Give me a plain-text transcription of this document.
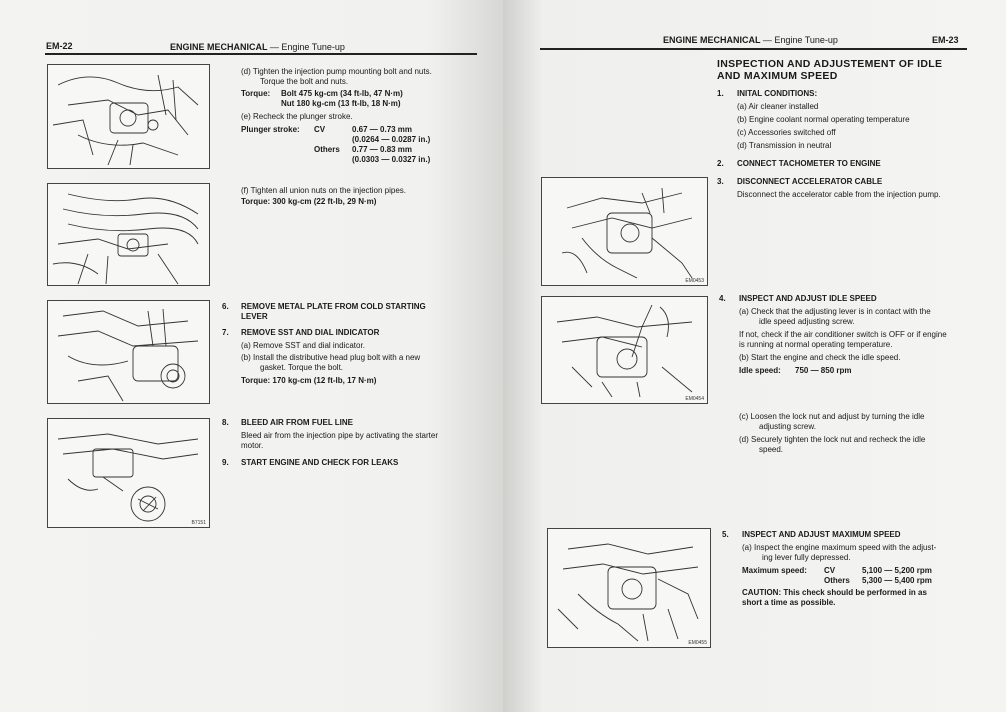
EM-22	ENGINE MECHANICAL — Engine Tune-up
B7151
(d) Tighten the injection pump mounting bolt and nuts.
Torque the bolt and nuts.
Torque: Bolt 475 kg-cm (34 ft-lb, 47 N·m)
Nut 180 kg-cm (13 ft-lb, 18 N·m)
(e) Recheck the plunger stroke.
Plunger stroke: CV	0.67 — 0.73 mm
(0.0264 — 0.0287 in.)
Others 0.77 — 0.83 mm
(0.0303 — 0.0327 in.)
(f) Tighten all union nuts on the injection pipes.
Torque: 300 kg-cm (22 ft-lb, 29 N·m)
6. REMOVE METAL PLATE FROM COLD STARTING
LEVER
7. REMOVE SST AND DIAL INDICATOR
(a) Remove SST and dial indicator.
(b) Install the distributive head plug bolt with a new
gasket. Torque the bolt.
Torque: 170 kg-cm (12 ft-lb, 17 N·m)
8. BLEED AIR FROM FUEL LINE
Bleed air from the injection pipe by activating the starter
motor.
9. START ENGINE AND CHECK FOR LEAKS
ENGINE MECHANICAL — Engine Tune-up	EM-23
INSPECTION AND ADJUSTEMENT OF IDLE
AND MAXIMUM SPEED
1. INITAL CONDITIONS:
(a) Air cleaner installed
(b) Engine coolant normal operating temperature
(c) Accessories switched off
(d) Transmission in neutral
2. CONNECT TACHOMETER TO ENGINE
3. DISCONNECT ACCELERATOR CABLE
Disconnect the accelerator cable from the injection pump.
EM0453
EM0454
EM0455
4. INSPECT AND ADJUST IDLE SPEED
(a) Check that the adjusting lever is in contact with the
idle speed adjusting screw.
If not, check if the air conditioner switch is OFF or if engine
is running at normal operating temperature.
(b) Start the engine and check the idle speed.
Idle speed: 750 — 850 rpm
(c) Loosen the lock nut and adjust by turning the idle
adjusting screw.
(d) Securely tighten the lock nut and recheck the idle
speed.
5. INSPECT AND ADJUST MAXIMUM SPEED
(a) Inspect the engine maximum speed with the adjust-
ing lever fully depressed.
Maximum speed: CV	5,100 — 5,200 rpm
Others 5,300 — 5,400 rpm
CAUTION: This check should be performed in as
short a time as possible.
